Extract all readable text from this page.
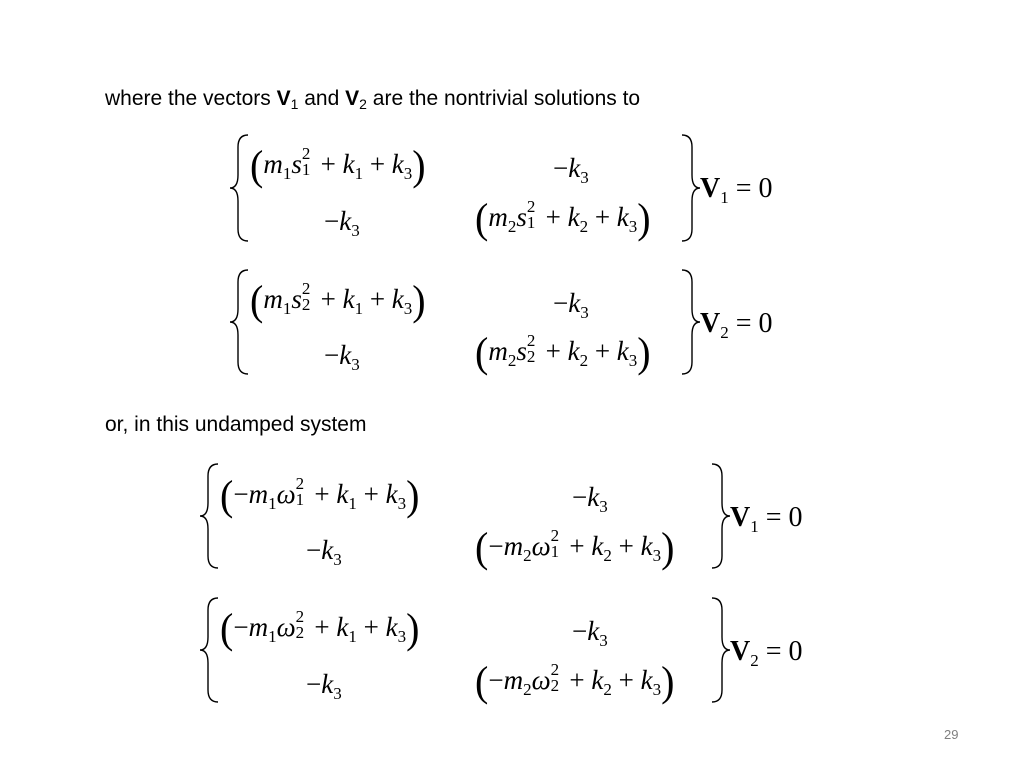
where the vectors $V_1$ and $V_2$ are the nontrivial solutions to
($m_1s$ 2
$1 + k_1 + k_3$)	$-k_3$
$-k_3$	($m_2s$ 2
$1 + k_2 + k_3$)
$V_1 = 0$
($m_1s$ 2
$2 + k_1 + k_3$)	$-k_3$
$-k_3$	($m_2s$ 2
$2 + k_2 + k_3$)
$V_2 = 0$
or, in this undamped system
($-m_1\omega$ 2
$1 + k_1 + k_3$)	$-k_3$
$-k_3$	($-m_2\omega$ 2
$1 + k_2 + k_3$)
$V_1 = 0$
($-m_1\omega$ 2
$2 + k_1 + k_3$)	$-k_3$
$-k_3$	($-m_2\omega$ 2
$2 + k_2 + k_3$)
$V_2 = 0$
29
